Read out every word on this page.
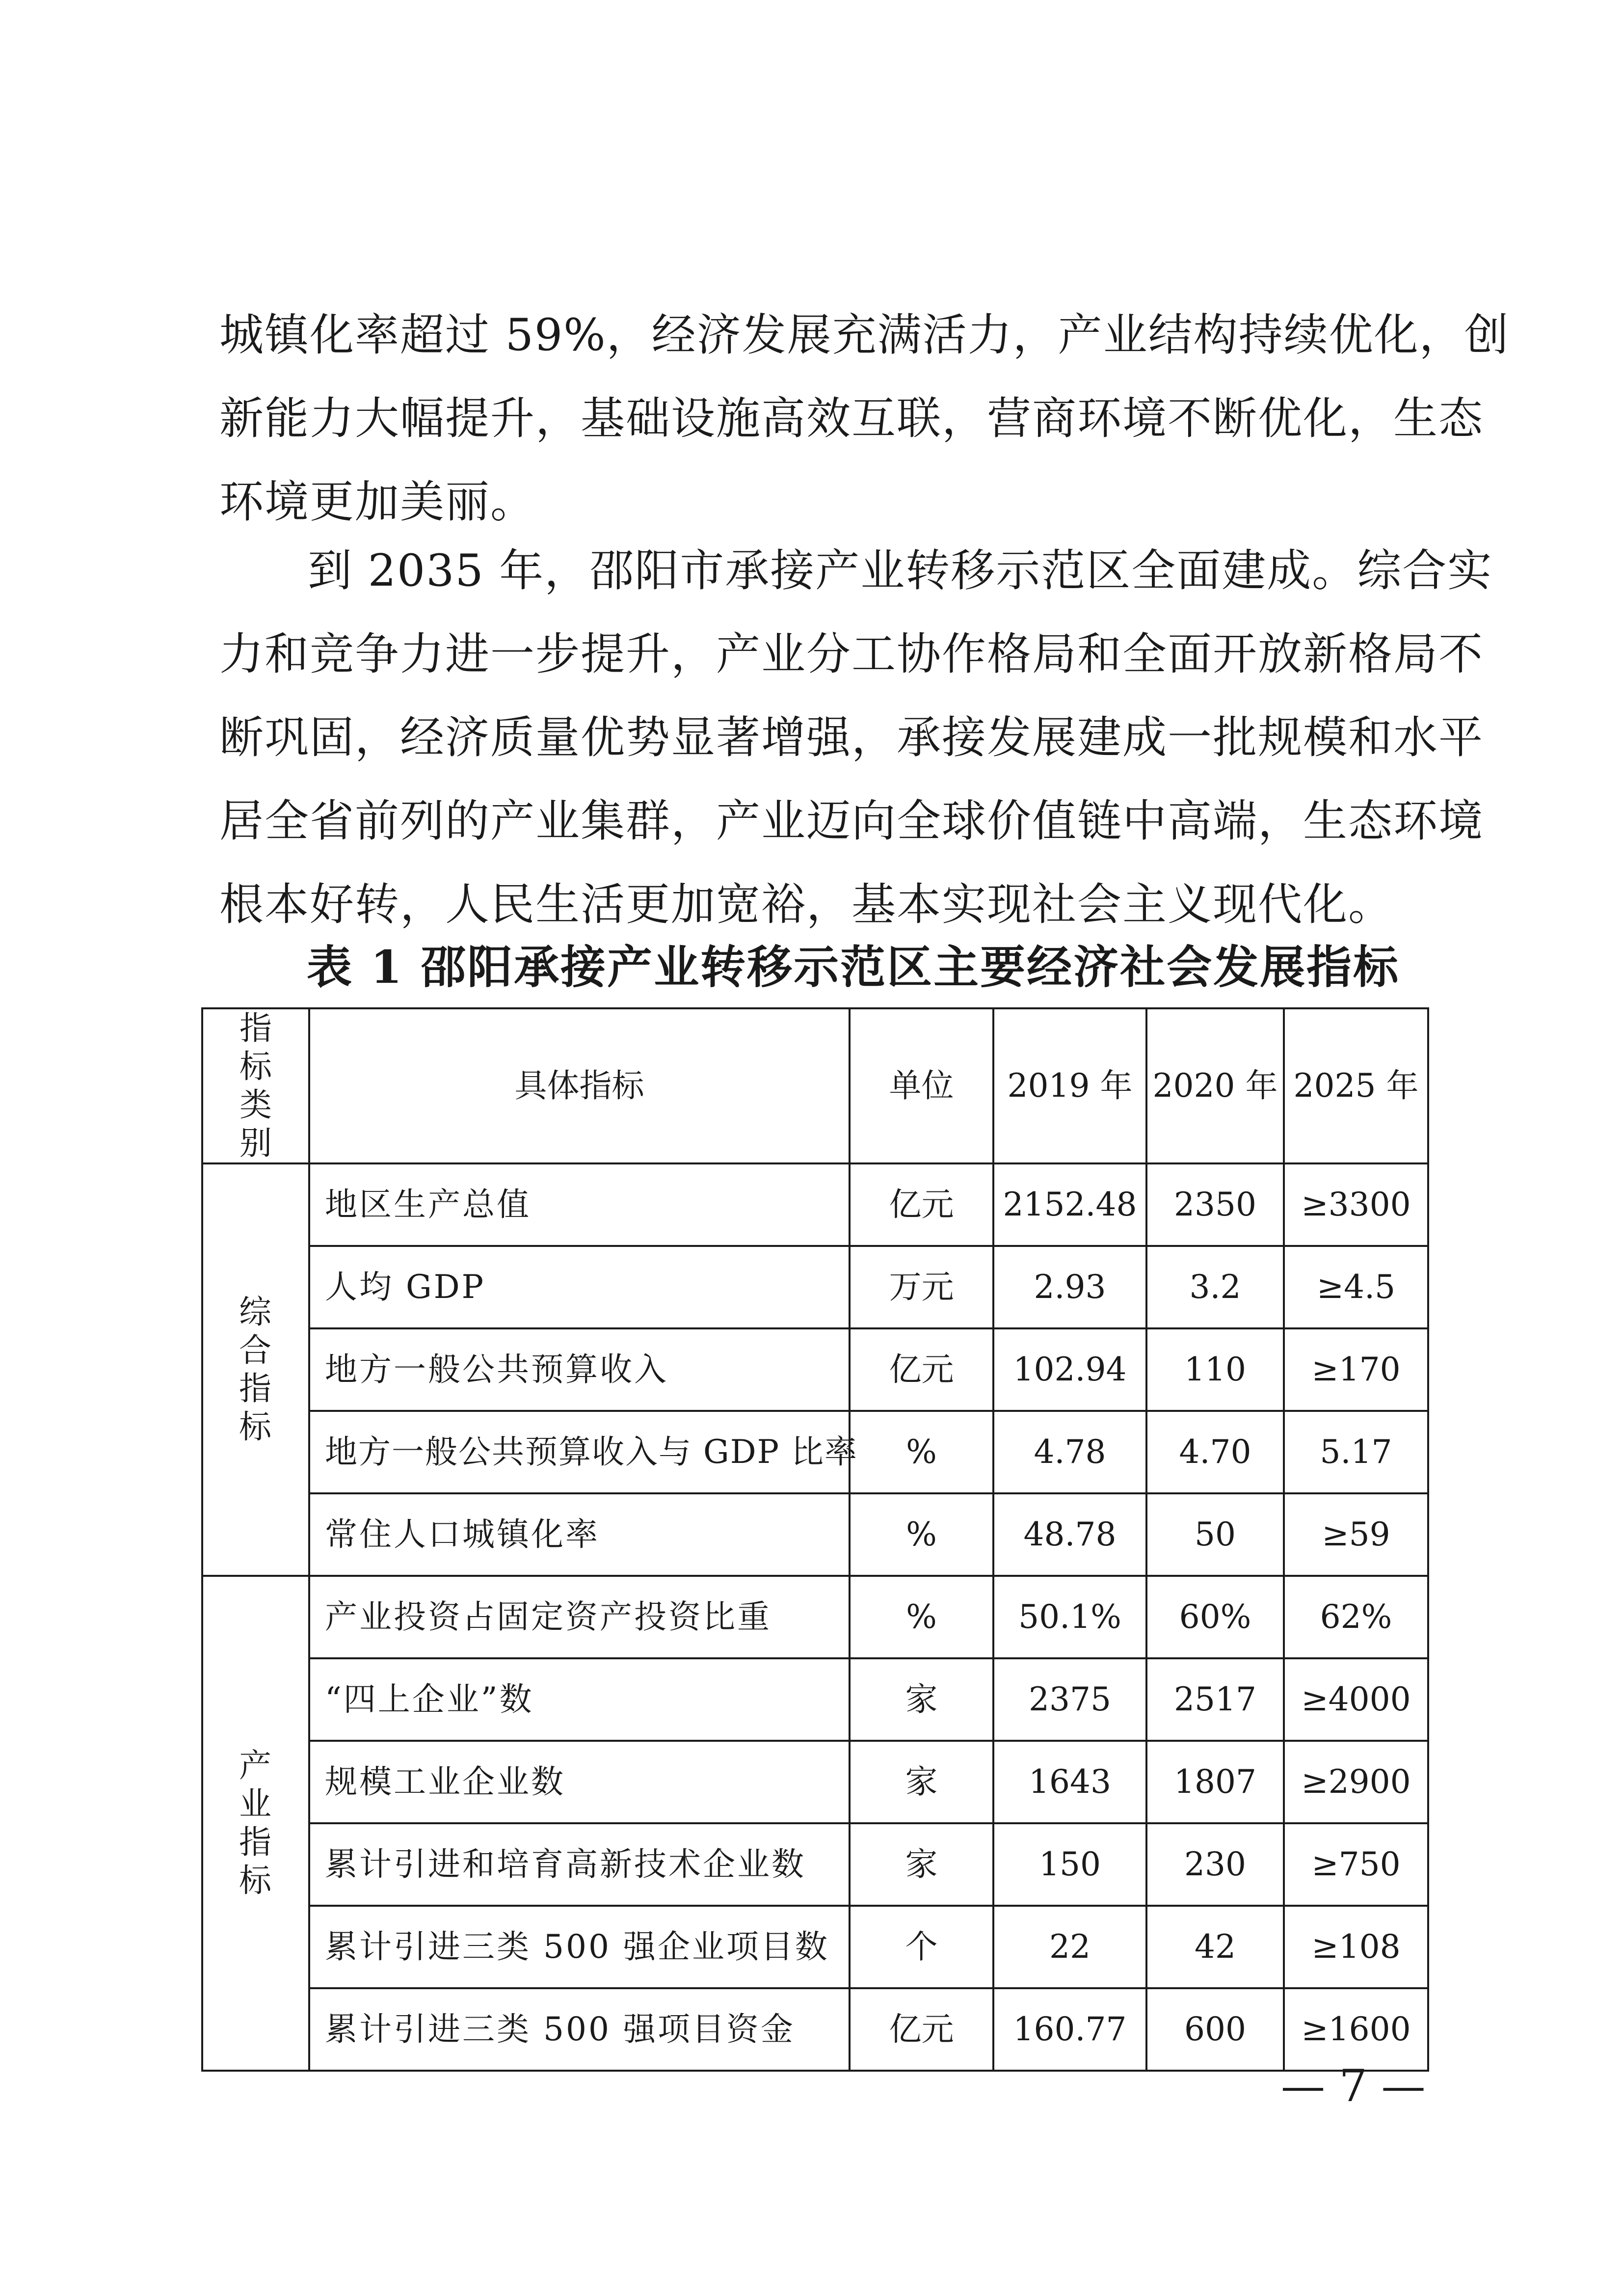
城镇化率超过 59%，经济发展充满活力，产业结构持续优化，创
新能力大幅提升，基础设施高效互联，营商环境不断优化，生态
环境更加美丽。
到 2035 年，邵阳市承接产业转移示范区全面建成。综合实
力和竞争力进一步提升，产业分工协作格局和全面开放新格局不
断巩固，经济质量优势显著增强，承接发展建成一批规模和水平
居全省前列的产业集群，产业迈向全球价值链中高端，生态环境
根本好转，人民生活更加宽裕，基本实现社会主义现代化。
表 1 邵阳承接产业转移示范区主要经济社会发展指标
指标类别	具体指标	单位	2019 年	2020 年	2025 年
综合指标	地区生产总值	亿元	2152.48	2350	≥3300
	人均 GDP	万元	2.93	3.2	≥4.5
	地方一般公共预算收入	亿元	102.94	110	≥170
	地方一般公共预算收入与 GDP 比率	%	4.78	4.70	5.17
	常住人口城镇化率	%	48.78	50	≥59
产业指标	产业投资占固定资产投资比重	%	50.1%	60%	62%
	“四上企业”数	家	2375	2517	≥4000
	规模工业企业数	家	1643	1807	≥2900
	累计引进和培育高新技术企业数	家	150	230	≥750
	累计引进三类 500 强企业项目数	个	22	42	≥108
	累计引进三类 500 强项目资金	亿元	160.77	600	≥1600
— 7 —
